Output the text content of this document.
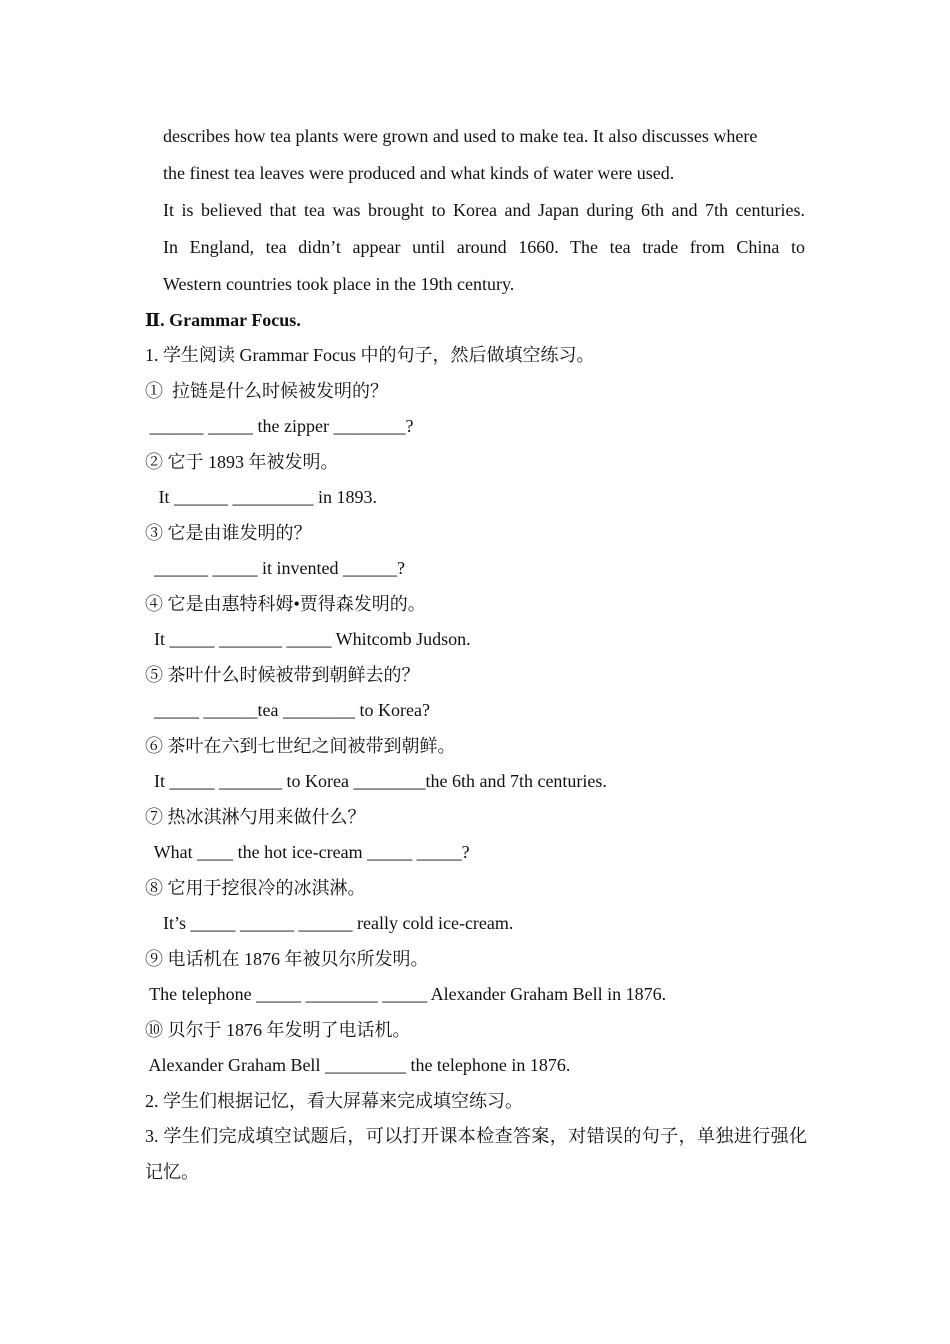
describes how tea plants were grown and used to make tea. It also discusses where
the finest tea leaves were produced and what kinds of water were used.
It is believed that tea was brought to Korea and Japan during 6th and 7th centuries.
In England, tea didn’t appear until around 1660. The tea trade from China to
Western countries took place in the 19th century.
Ⅱ. Grammar Focus.
1. 学生阅读 Grammar Focus 中的句子，然后做填空练习。
①  拉链是什么时候被发明的？
______ _____ the zipper ________?
② 它于 1893 年被发明。
It ______ _________ in 1893.
③ 它是由谁发明的？
______ _____ it invented ______?
④ 它是由惠特科姆•贾得森发明的。
It _____ _______ _____ Whitcomb Judson.
⑤ 茶叶什么时候被带到朝鲜去的？
_____ ______tea ________ to Korea?
⑥ 茶叶在六到七世纪之间被带到朝鲜。
It _____ _______ to Korea ________the 6th and 7th centuries.
⑦ 热冰淇淋勺用来做什么？
What ____ the hot ice-cream _____ _____?
⑧ 它用于挖很冷的冰淇淋。
It’s _____ ______ ______ really cold ice-cream.
⑨ 电话机在 1876 年被贝尔所发明。
The telephone _____ ________ _____ Alexander Graham Bell in 1876.
⑩ 贝尔于 1876 年发明了电话机。
Alexander Graham Bell _________ the telephone in 1876.
2. 学生们根据记忆，看大屏幕来完成填空练习。
3. 学生们完成填空试题后，可以打开课本检查答案，对错误的句子，单独进行强化记忆。
